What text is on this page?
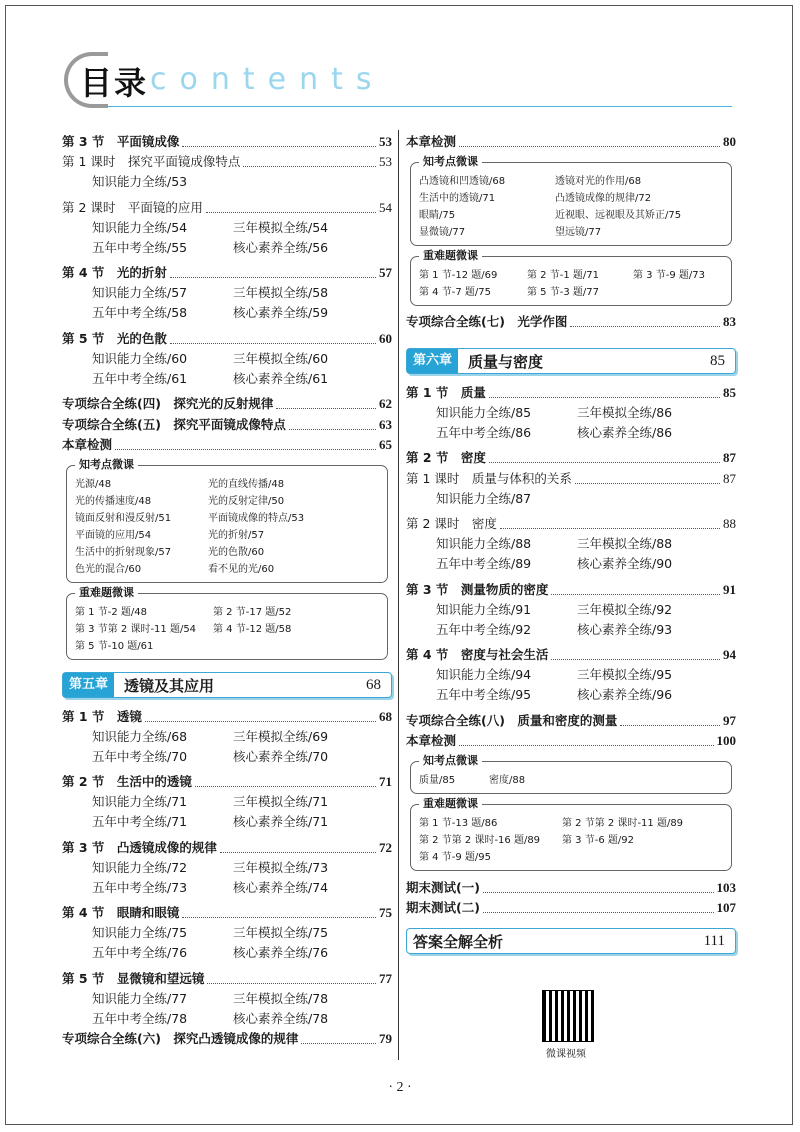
目录 contents
第 3 节　平面镜成像	53
第 1 课时　探究平面镜成像特点	53
知识能力全练/53
第 2 课时　平面镜的应用	54
知识能力全练/54	三年模拟全练/54
五年中考全练/55	核心素养全练/56
第 4 节　光的折射	57
知识能力全练/57	三年模拟全练/58
五年中考全练/58	核心素养全练/59
第 5 节　光的色散	60
知识能力全练/60	三年模拟全练/60
五年中考全练/61	核心素养全练/61
专项综合全练(四)　探究光的反射规律	62
专项综合全练(五)　探究平面镜成像特点	63
本章检测	65
知考点微课
光源/48	光的直线传播/48
光的传播速度/48	光的反射定律/50
镜面反射和漫反射/51	平面镜成像的特点/53
平面镜的应用/54	光的折射/57
生活中的折射现象/57	光的色散/60
色光的混合/60	看不见的光/60
重难题微课
第 1 节-2 题/48	第 2 节-17 题/52
第 3 节第 2 课时-11 题/54	第 4 节-12 题/58
第 5 节-10 题/61
第五章	透镜及其应用	68
第 1 节　透镜	68
知识能力全练/68	三年模拟全练/69
五年中考全练/70	核心素养全练/70
第 2 节　生活中的透镜	71
知识能力全练/71	三年模拟全练/71
五年中考全练/71	核心素养全练/71
第 3 节　凸透镜成像的规律	72
知识能力全练/72	三年模拟全练/73
五年中考全练/73	核心素养全练/74
第 4 节　眼睛和眼镜	75
知识能力全练/75	三年模拟全练/75
五年中考全练/76	核心素养全练/76
第 5 节　显微镜和望远镜	77
知识能力全练/77	三年模拟全练/78
五年中考全练/78	核心素养全练/78
专项综合全练(六)　探究凸透镜成像的规律	79
本章检测	80
知考点微课
凸透镜和凹透镜/68	透镜对光的作用/68
生活中的透镜/71	凸透镜成像的规律/72
眼睛/75	近视眼、远视眼及其矫正/75
显微镜/77	望远镜/77
重难题微课
第 1 节-12 题/69	第 2 节-1 题/71	第 3 节-9 题/73
第 4 节-7 题/75	第 5 节-3 题/77
专项综合全练(七)　光学作图	83
第六章	质量与密度	85
第 1 节　质量	85
知识能力全练/85	三年模拟全练/86
五年中考全练/86	核心素养全练/86
第 2 节　密度	87
第 1 课时　质量与体积的关系	87
知识能力全练/87
第 2 课时　密度	88
知识能力全练/88	三年模拟全练/88
五年中考全练/89	核心素养全练/90
第 3 节　测量物质的密度	91
知识能力全练/91	三年模拟全练/92
五年中考全练/92	核心素养全练/93
第 4 节　密度与社会生活	94
知识能力全练/94	三年模拟全练/95
五年中考全练/95	核心素养全练/96
专项综合全练(八)　质量和密度的测量	97
本章检测	100
知考点微课
质量/85	密度/88
重难题微课
第 1 节-13 题/86	第 2 节第 2 课时-11 题/89
第 2 节第 2 课时-16 题/89	第 3 节-6 题/92
第 4 节-9 题/95
期末测试(一)	103
期末测试(二)	107
答案全解全析	111
微课视频
· 2 ·
